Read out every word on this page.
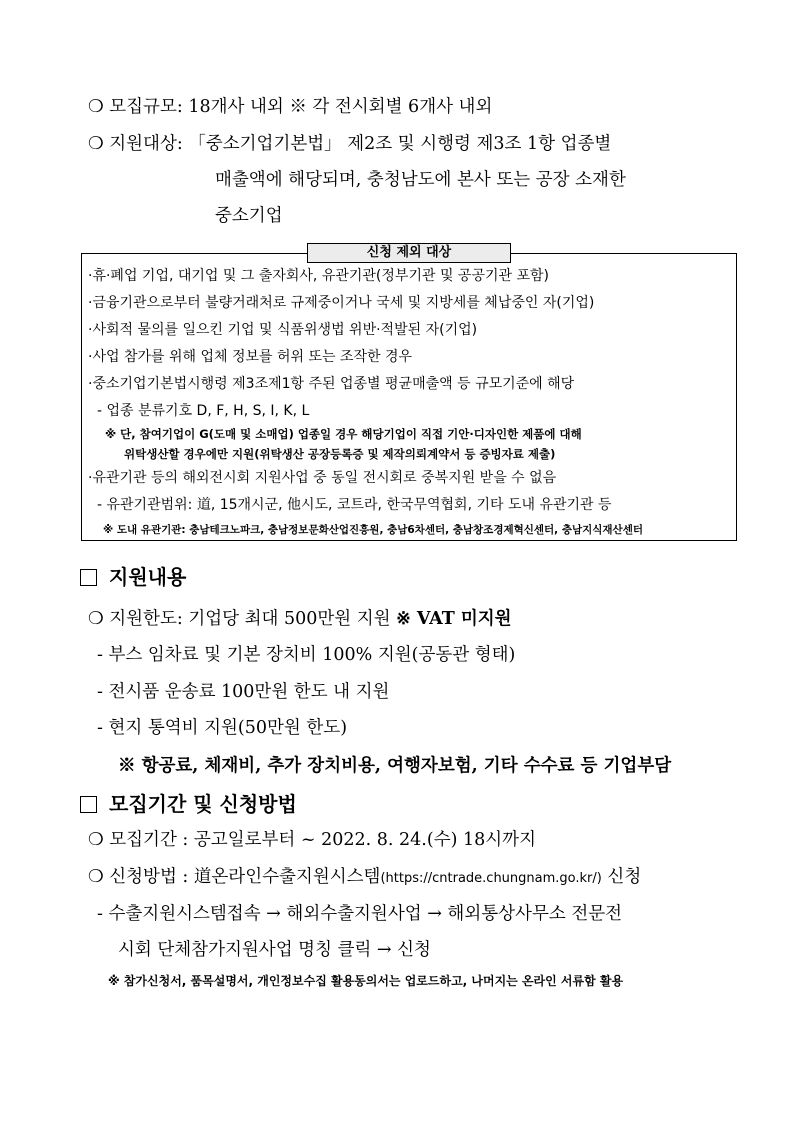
❍ 모집규모: 18개사 내외 ※ 각 전시회별 6개사 내외
❍ 지원대상: 「중소기업기본법」 제2조 및 시행령 제3조 1항 업종별
매출액에 해당되며, 충청남도에 본사 또는 공장 소재한
중소기업
신청 제외 대상
·휴·폐업 기업, 대기업 및 그 출자회사, 유관기관(정부기관 및 공공기관 포함)
·금융기관으로부터 불량거래처로 규제중이거나 국세 및 지방세를 체납중인 자(기업)
·사회적 물의를 일으킨 기업 및 식품위생법 위반·적발된 자(기업)
·사업 참가를 위해 업체 정보를 허위 또는 조작한 경우
·중소기업기본법시행령 제3조제1항 주된 업종별 평균매출액 등 규모기준에 해당
- 업종 분류기호 D, F, H, S, I, K, L
※ 단, 참여기업이 G(도매 및 소매업) 업종일 경우 해당기업이 직접 기안·디자인한 제품에 대해
위탁생산할 경우에만 지원(위탁생산 공장등록증 및 제작의뢰계약서 등 증빙자료 제출)
·유관기관 등의 해외전시회 지원사업 중 동일 전시회로 중복지원 받을 수 없음
- 유관기관범위: 道, 15개시군, 他시도, 코트라, 한국무역협회, 기타 도내 유관기관 등
※ 도내 유관기관: 충남테크노파크, 충남정보문화산업진흥원, 충남6차센터, 충남창조경제혁신센터, 충남지식재산센터
지원내용
❍ 지원한도: 기업당 최대 500만원 지원 ※ VAT 미지원
- 부스 임차료 및 기본 장치비 100% 지원(공동관 형태)
- 전시품 운송료 100만원 한도 내 지원
- 현지 통역비 지원(50만원 한도)
※ 항공료, 체재비, 추가 장치비용, 여행자보험, 기타 수수료 등 기업부담
모집기간 및 신청방법
❍ 모집기간 : 공고일로부터 ~ 2022. 8. 24.(수) 18시까지
❍ 신청방법 : 道온라인수출지원시스템(https://cntrade.chungnam.go.kr/) 신청
- 수출지원시스템접속 → 해외수출지원사업 → 해외통상사무소 전문전
시회 단체참가지원사업 명칭 클릭 → 신청
※ 참가신청서, 품목설명서, 개인정보수집 활용동의서는 업로드하고, 나머지는 온라인 서류함 활용
